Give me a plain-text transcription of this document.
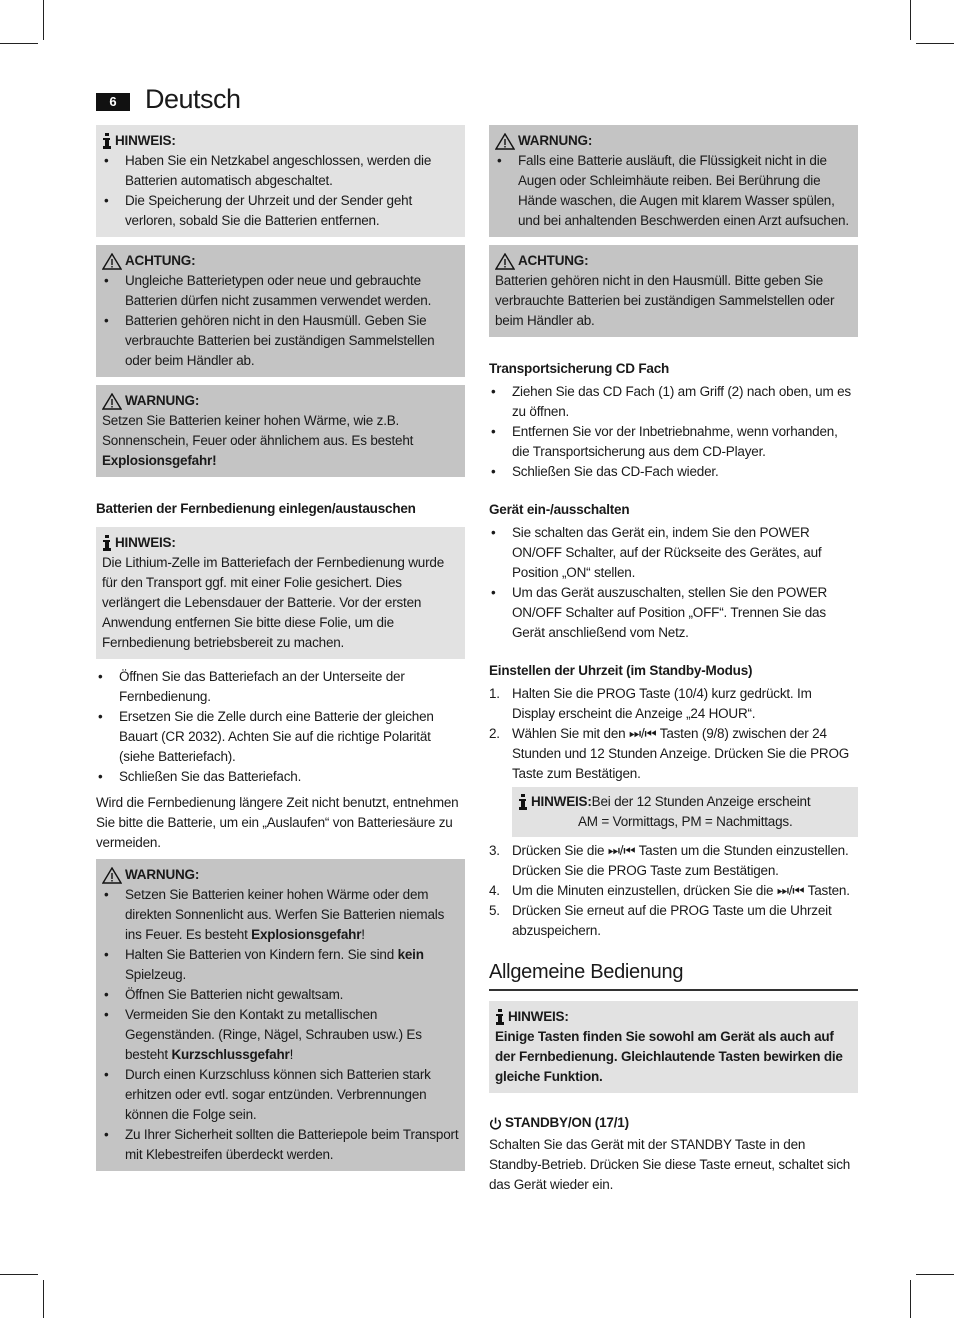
6	Deutsch
HINWEIS:
• Haben Sie ein Netzkabel angeschlossen, werden die Batterien automatisch abgeschaltet.
• Die Speicherung der Uhrzeit und der Sender geht verloren, sobald Sie die Batterien entfernen.
ACHTUNG:
• Ungleiche Batterietypen oder neue und gebrauchte Batterien dürfen nicht zusammen verwendet werden.
• Batterien gehören nicht in den Hausmüll. Geben Sie verbrauchte Batterien bei zuständigen Sammelstellen oder beim Händler ab.
WARNUNG:

Setzen Sie Batterien keiner hohen Wärme, wie z.B. Sonnenschein, Feuer oder ähnlichem aus. Es besteht Explosionsgefahr!

Batterien der Fernbedienung einlegen/austauschen
HINWEIS:

Die Lithium-Zelle im Batteriefach der Fernbedienung wurde für den Transport ggf. mit einer Folie gesichert. Dies verlängert die Lebensdauer der Batterie. Vor der ersten Anwendung entfernen Sie bitte diese Folie, um die Fernbedienung betriebsbereit zu machen.

• Öffnen Sie das Batteriefach an der Unterseite der Fernbedienung.
• Ersetzen Sie die Zelle durch eine Batterie der gleichen Bauart (CR 2032). Achten Sie auf die richtige Polarität (siehe Batteriefach).
• Schließen Sie das Batteriefach.

Wird die Fernbedienung längere Zeit nicht benutzt, entnehmen Sie bitte die Batterie, um ein „Auslaufen“ von Batteriesäure zu vermeiden.

WARNUNG:
• Setzen Sie Batterien keiner hohen Wärme oder dem direkten Sonnenlicht aus. Werfen Sie Batterien niemals ins Feuer. Es besteht Explosionsgefahr!
• Halten Sie Batterien von Kindern fern. Sie sind kein Spielzeug.
• Öffnen Sie Batterien nicht gewaltsam.
• Vermeiden Sie den Kontakt zu metallischen Gegenständen. (Ringe, Nägel, Schrauben usw.) Es besteht Kurzschlussgefahr!
• Durch einen Kurzschluss können sich Batterien stark erhitzen oder evtl. sogar entzünden. Verbrennungen können die Folge sein.
• Zu Ihrer Sicherheit sollten die Batteriepole beim Transport mit Klebestreifen überdeckt werden.
WARNUNG:
• Falls eine Batterie ausläuft, die Flüssigkeit nicht in die Augen oder Schleimhäute reiben. Bei Berührung die Hände waschen, die Augen mit klarem Wasser spülen, und bei anhaltenden Beschwerden einen Arzt aufsuchen.
ACHTUNG:

Batterien gehören nicht in den Hausmüll. Bitte geben Sie verbrauchte Batterien bei zuständigen Sammelstellen oder beim Händler ab.

Transportsicherung CD Fach
• Ziehen Sie das CD Fach (1) am Griff (2) nach oben, um es zu öffnen.
• Entfernen Sie vor der Inbetriebnahme, wenn vorhanden, die Transportsicherung aus dem CD-Player.
• Schließen Sie das CD-Fach wieder.
Gerät ein-/ausschalten
• Sie schalten das Gerät ein, indem Sie den POWER ON/OFF Schalter, auf der Rückseite des Gerätes, auf Position „ON“ stellen.
• Um das Gerät auszuschalten, stellen Sie den POWER ON/OFF Schalter auf Position „OFF“. Trennen Sie das Gerät anschließend vom Netz.
Einstellen der Uhrzeit (im Standby-Modus)
1. Halten Sie die PROG Taste (10/4) kurz gedrückt. Im Display erscheint die Anzeige „24 HOUR“.
2. Wählen Sie mit den ⏭/⏮ Tasten (9/8) zwischen der 24 Stunden und 12 Stunden Anzeige. Drücken Sie die PROG Taste zum Bestätigen.
HINWEIS: Bei der 12 Stunden Anzeige erscheint
AM = Vormittags, PM = Nachmittags.
3. Drücken Sie die ⏭/⏮ Tasten um die Stunden einzustellen. Drücken Sie die PROG Taste zum Bestätigen.
4. Um die Minuten einzustellen, drücken Sie die ⏭/⏮ Tasten.
5. Drücken Sie erneut auf die PROG Taste um die Uhrzeit abzuspeichern.
Allgemeine Bedienung
HINWEIS:

Einige Tasten finden Sie sowohl am Gerät als auch auf der Fernbedienung. Gleichlautende Tasten bewirken die gleiche Funktion.

STANDBY/ON (17/1)

Schalten Sie das Gerät mit der STANDBY Taste in den Standby-Betrieb. Drücken Sie diese Taste erneut, schaltet sich das Gerät wieder ein.
